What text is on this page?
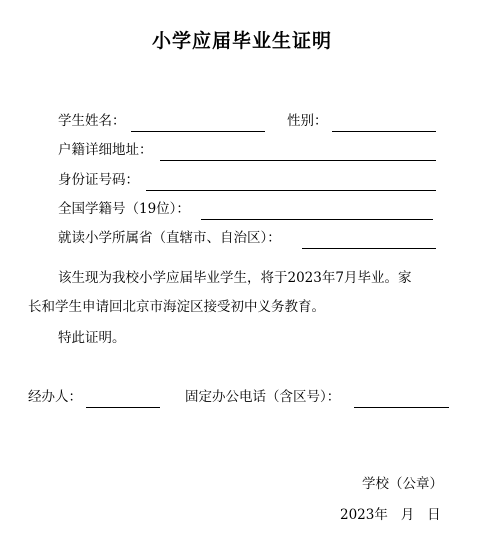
小学应届毕业生证明
学生姓名：	性别：
户籍详细地址：
身份证号码：
全国学籍号（19位）：
就读小学所属省（直辖市、自治区）：
该生现为我校小学应届毕业学生，将于2023年7月毕业。家
长和学生申请回北京市海淀区接受初中义务教育。
特此证明。
经办人：	固定办公电话（含区号）：
学校（公章）
2023年   月   日
